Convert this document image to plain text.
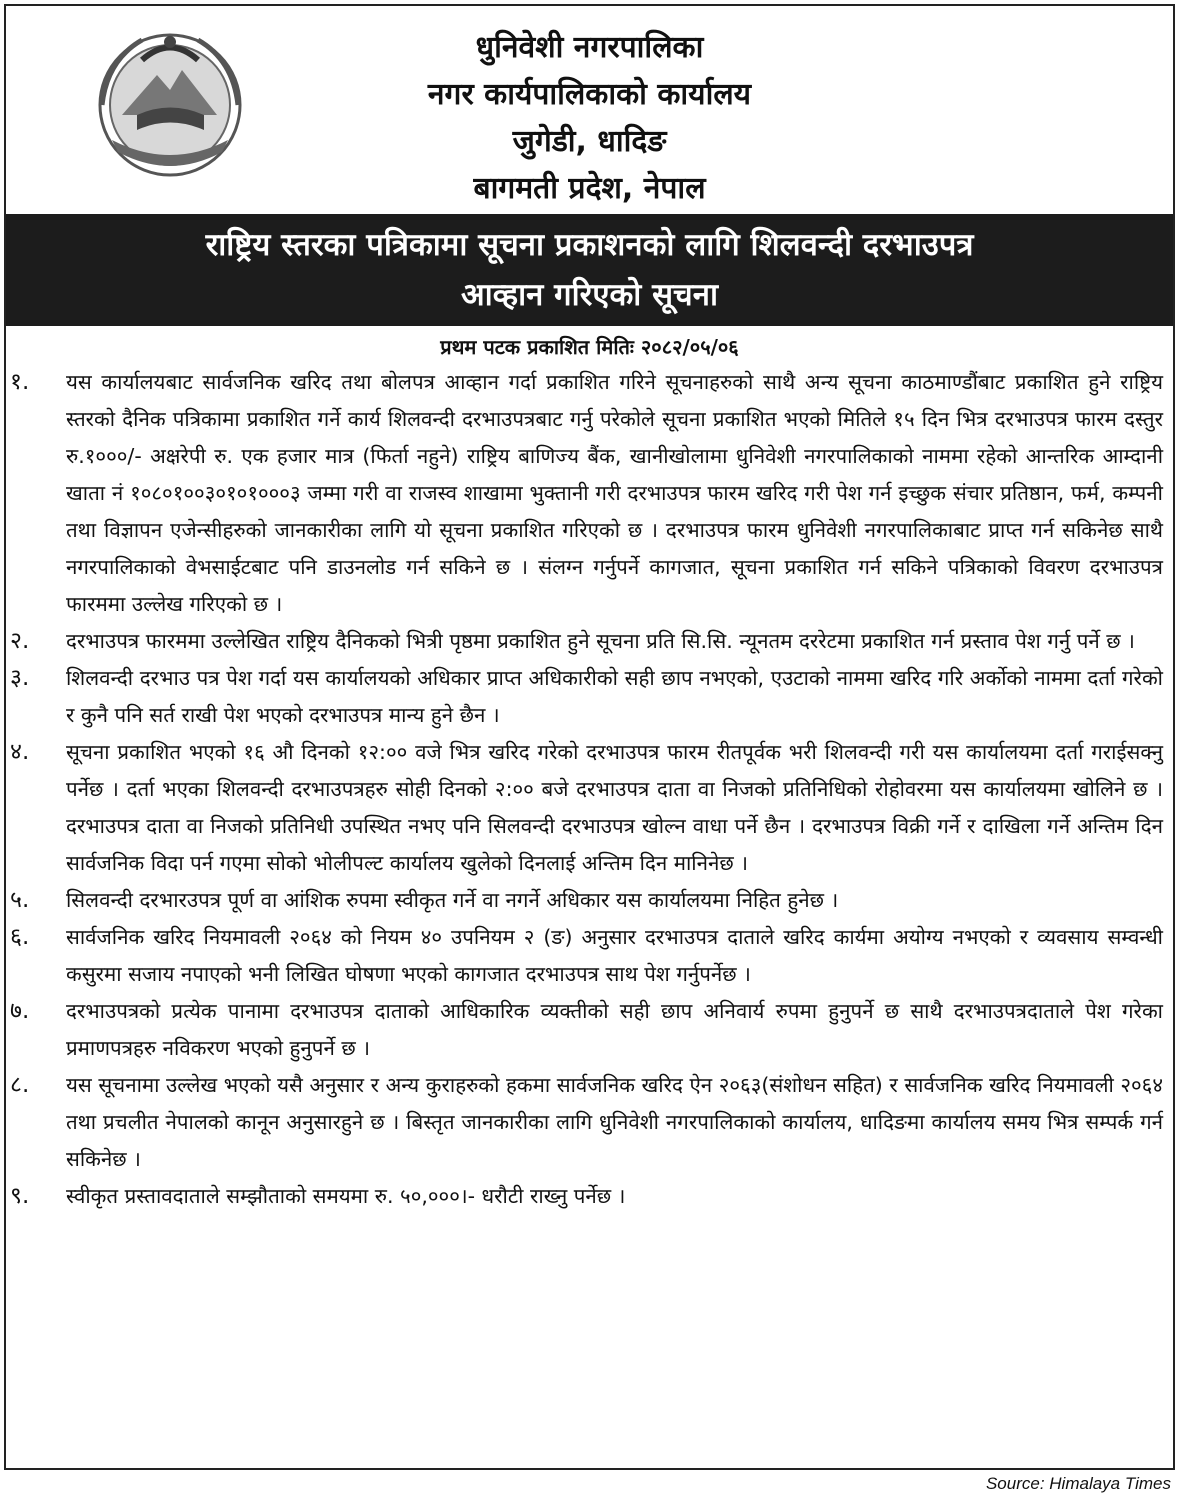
धुनिवेशी नगरपालिका
नगर कार्यपालिकाको कार्यालय
जुगेडी, धादिङ
बागमती प्रदेश, नेपाल
राष्ट्रिय स्तरका पत्रिकामा सूचना प्रकाशनको लागि शिलवन्दी दरभाउपत्र
आव्हान गरिएको सूचना
प्रथम पटक प्रकाशित मितिः २०८२/०५/०६
१. यस कार्यालयबाट सार्वजनिक खरिद तथा बोलपत्र आव्हान गर्दा प्रकाशित गरिने सूचनाहरुको साथै अन्य सूचना काठमाण्डौंबाट प्रकाशित हुने राष्ट्रिय स्तरको दैनिक पत्रिकामा प्रकाशित गर्ने कार्य शिलवन्दी दरभाउपत्रबाट गर्नु परेकोले सूचना प्रकाशित भएको मितिले १५ दिन भित्र दरभाउपत्र फारम दस्तुर रु.१०००/- अक्षरेपी रु. एक हजार मात्र (फिर्ता नहुने) राष्ट्रिय बाणिज्य बैंक, खानीखोलामा धुनिवेशी नगरपालिकाको नाममा रहेको आन्तरिक आम्दानी खाता नं १०८०१००३०१०१०००३ जम्मा गरी वा राजस्व शाखामा भुक्तानी गरी दरभाउपत्र फारम खरिद गरी पेश गर्न इच्छुक संचार प्रतिष्ठान, फर्म, कम्पनी तथा विज्ञापन एजेन्सीहरुको जानकारीका लागि यो सूचना प्रकाशित गरिएको छ । दरभाउपत्र फारम धुनिवेशी नगरपालिकाबाट प्राप्त गर्न सकिनेछ साथै नगरपालिकाको वेभसाईटबाट पनि डाउनलोड गर्न सकिने छ । संलग्न गर्नुपर्ने कागजात, सूचना प्रकाशित गर्न सकिने पत्रिकाको विवरण दरभाउपत्र फारममा उल्लेख गरिएको छ ।
२. दरभाउपत्र फारममा उल्लेखित राष्ट्रिय दैनिकको भित्री पृष्ठमा प्रकाशित हुने सूचना प्रति सि.सि. न्यूनतम दररेटमा प्रकाशित गर्न प्रस्ताव पेश गर्नु पर्ने छ ।
३. शिलवन्दी दरभाउ पत्र पेश गर्दा यस कार्यालयको अधिकार प्राप्त अधिकारीको सही छाप नभएको, एउटाको नाममा खरिद गरि अर्कोको नाममा दर्ता गरेको र कुनै पनि सर्त राखी पेश भएको दरभाउपत्र मान्य हुने छैन ।
४. सूचना प्रकाशित भएको १६ औ दिनको १२:०० वजे भित्र खरिद गरेको दरभाउपत्र फारम रीतपूर्वक भरी शिलवन्दी गरी यस कार्यालयमा दर्ता गराईसक्नु पर्नेछ । दर्ता भएका शिलवन्दी दरभाउपत्रहरु सोही दिनको २:०० बजे दरभाउपत्र दाता वा निजको प्रतिनिधिको रोहोवरमा यस कार्यालयमा खोलिने छ । दरभाउपत्र दाता वा निजको प्रतिनिधी उपस्थित नभए पनि सिलवन्दी दरभाउपत्र खोल्न वाधा पर्ने छैन । दरभाउपत्र विक्री गर्ने र दाखिला गर्ने अन्तिम दिन सार्वजनिक विदा पर्न गएमा सोको भोलीपल्ट कार्यालय खुलेको दिनलाई अन्तिम दिन मानिनेछ ।
५. सिलवन्दी दरभारउपत्र पूर्ण वा आंशिक रुपमा स्वीकृत गर्ने वा नगर्ने अधिकार यस कार्यालयमा निहित हुनेछ ।
६. सार्वजनिक खरिद नियमावली २०६४ को नियम ४० उपनियम २ (ङ) अनुसार दरभाउपत्र दाताले खरिद कार्यमा अयोग्य नभएको र व्यवसाय सम्वन्धी कसुरमा सजाय नपाएको भनी लिखित घोषणा भएको कागजात दरभाउपत्र साथ पेश गर्नुपर्नेछ ।
७. दरभाउपत्रको प्रत्येक पानामा दरभाउपत्र दाताको आधिकारिक व्यक्तीको सही छाप अनिवार्य रुपमा हुनुपर्ने छ साथै दरभाउपत्रदाताले पेश गरेका प्रमाणपत्रहरु नविकरण भएको हुनुपर्ने छ ।
८. यस सूचनामा उल्लेख भएको यसै अनुसार र अन्य कुराहरुको हकमा सार्वजनिक खरिद ऐन २०६३(संशोधन सहित) र सार्वजनिक खरिद नियमावली २०६४ तथा प्रचलीत नेपालको कानून अनुसारहुने छ । बिस्तृत जानकारीका लागि धुनिवेशी नगरपालिकाको कार्यालय, धादिङमा कार्यालय समय भित्र सम्पर्क गर्न सकिनेछ ।
९. स्वीकृत प्रस्तावदाताले सम्झौताको समयमा रु. ५०,०००।- धरौटी राख्नु पर्नेछ ।
Source: Himalaya Times
